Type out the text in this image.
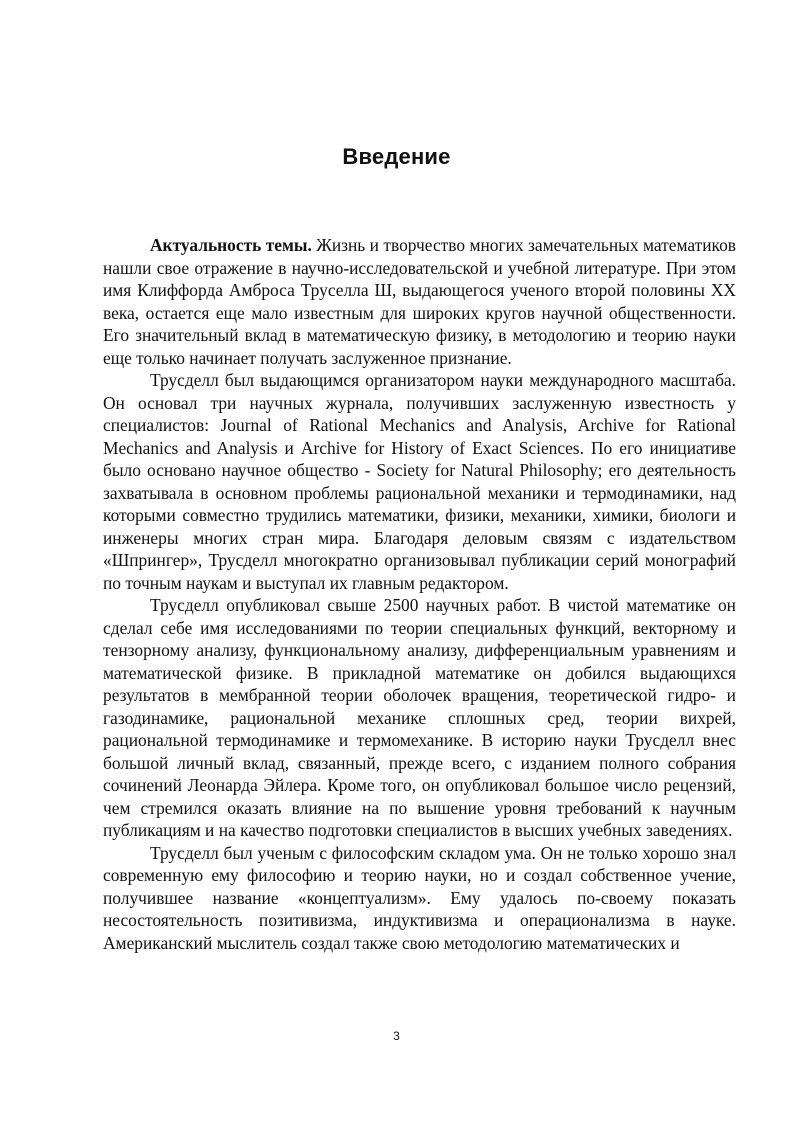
Введение

Актуальность темы. Жизнь и творчество многих замечательных математиков нашли свое отражение в научно-исследовательской и учебной литературе. При этом имя Клиффорда Амброса Труселла Ш, выдающегося ученого второй половины XX века, остается еще мало известным для широких кругов научной общественности. Его значительный вклад в математическую физику, в методологию и теорию науки еще только начинает получать заслуженное признание.

Трусделл был выдающимся организатором науки международного масштаба. Он основал три научных журнала, получивших заслуженную известность у специалистов: Journal of Rational Mechanics and Analysis, Archive for Rational Mechanics and Analysis и Archive for History of Exact Sciences. По его инициативе было основано научное общество - Society for Natural Philosophy; его деятельность захватывала в основном проблемы рациональной механики и термодинамики, над которыми совместно трудились математики, физики, механики, химики, биологи и инженеры многих стран мира. Благодаря деловым связям с издательством «Шпрингер», Трусделл многократно организовывал публикации серий монографий по точным наукам и выступал их главным редактором.

Трусделл опубликовал свыше 2500 научных работ. В чистой математике он сделал себе имя исследованиями по теории специальных функций, векторному и тензорному анализу, функциональному анализу, дифференциальным уравнениям и математической физике. В прикладной математике он добился выдающихся результатов в мембранной теории оболочек вращения, теоретической гидро- и газодинамике, рациональной механике сплошных сред, теории вихрей, рациональной термодинамике и термомеханике. В историю науки Трусделл внес большой личный вклад, связанный, прежде всего, с изданием полного собрания сочинений Леонарда Эйлера. Кроме того, он опубликовал большое число рецензий, чем стремился оказать влияние на по вышение уровня требований к научным публикациям и на качество подготовки специалистов в высших учебных заведениях.

Трусделл был ученым с философским складом ума. Он не только хорошо знал современную ему философию и теорию науки, но и создал собственное учение, получившее название «концептуализм». Ему удалось по-своему показать несостоятельность позитивизма, индуктивизма и операционализма в науке. Американский мыслитель создал также свою методологию математических и

3
